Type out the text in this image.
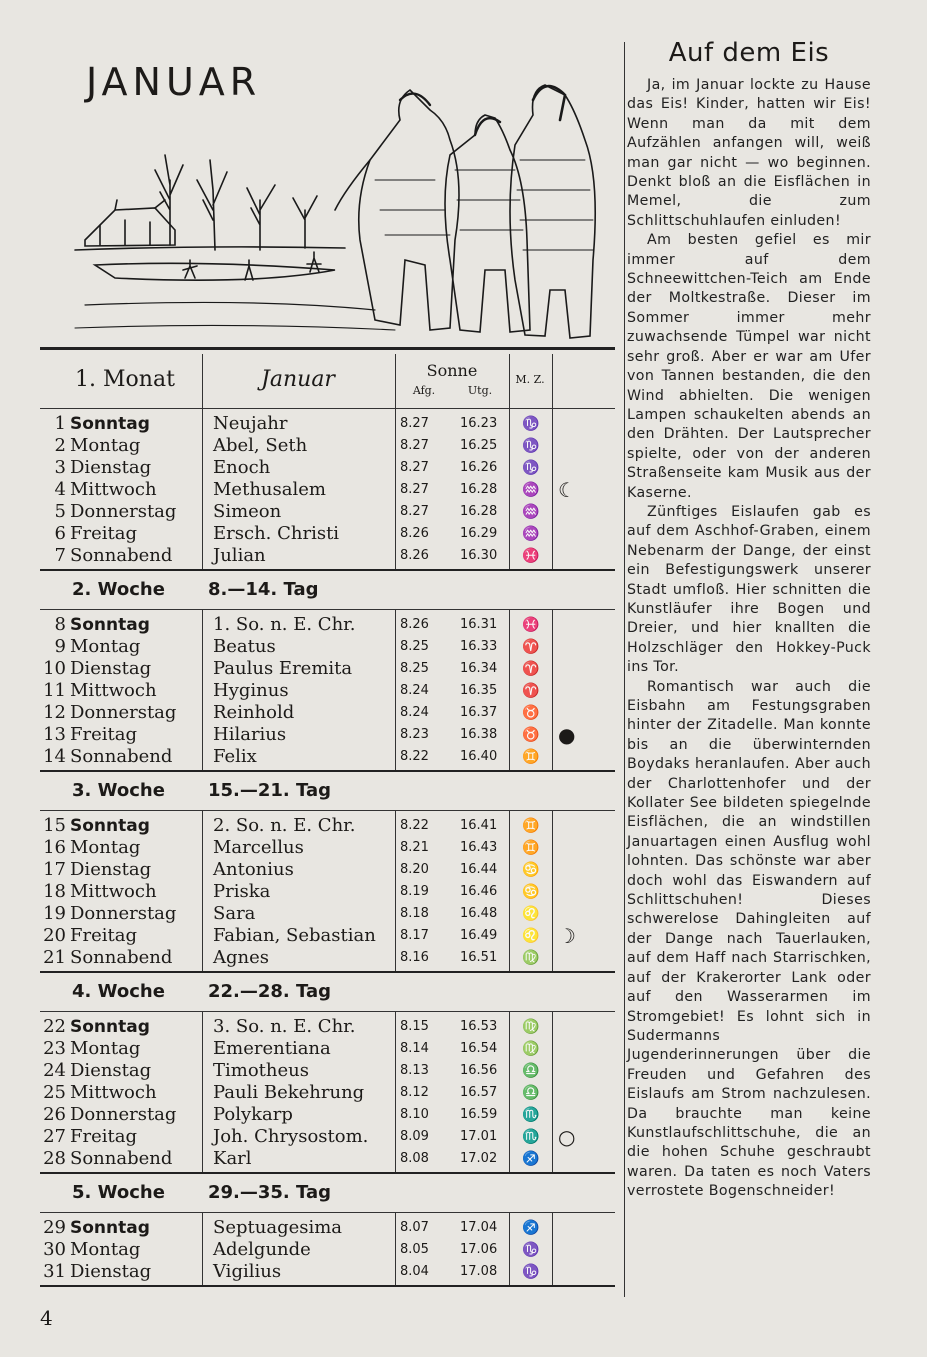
JANUAR
1. Monat	Januar	Sonne
Afg.	Utg.
M. Z.
1 Sonntag	Neujahr	8.27 16.23 ♑
2 Montag	Abel, Seth	8.27 16.25 ♑
3 Dienstag	Enoch	8.27 16.26 ♑
4 Mittwoch	Methusalem	8.27 16.28 ♒ ☾
5 Donnerstag Simeon	8.27 16.28 ♒
6 Freitag	Ersch. Christi	8.26 16.29 ♒
7 Sonnabend Julian	8.26 16.30 ♓
2. Woche 8.—14. Tag
8 Sonntag	1. So. n. E. Chr.	8.26 16.31 ♓
9 Montag	Beatus	8.25 16.33 ♈
10 Dienstag	Paulus Eremita	8.25 16.34 ♈
11 Mittwoch	Hyginus	8.24 16.35 ♈
12 Donnerstag Reinhold	8.24 16.37 ♉
13 Freitag	Hilarius	8.23 16.38 ♉ ●
14 Sonnabend Felix	8.22 16.40 ♊
3. Woche 15.—21. Tag
15 Sonntag	2. So. n. E. Chr.	8.22 16.41 ♊
16 Montag	Marcellus	8.21 16.43 ♊
17 Dienstag	Antonius	8.20 16.44 ♋
18 Mittwoch	Priska	8.19 16.46 ♋
19 Donnerstag Sara	8.18 16.48 ♌
20 Freitag	Fabian, Sebastian 8.17 16.49 ♌ ☽
21 Sonnabend Agnes	8.16 16.51 ♍
4. Woche 22.—28. Tag
22 Sonntag	3. So. n. E. Chr.	8.15 16.53 ♍
23 Montag	Emerentiana	8.14 16.54 ♍
24 Dienstag	Timotheus	8.13 16.56 ♎
25 Mittwoch	Pauli Bekehrung	8.12 16.57 ♎
26 Donnerstag Polykarp	8.10 16.59 ♏
27 Freitag	Joh. Chrysostom. 8.09 17.01 ♏ ○
28 Sonnabend Karl	8.08 17.02 ♐
5. Woche 29.—35. Tag
29 Sonntag	Septuagesima	8.07 17.04 ♐
30 Montag	Adelgunde	8.05 17.06 ♑
31 Dienstag	Vigilius	8.04 17.08 ♑
Auf dem Eis

Ja, im Januar lockte zu Hause das Eis! Kinder, hatten wir Eis! Wenn man da mit dem Aufzählen anfangen will, weiß man gar nicht — wo beginnen. Denkt bloß an die Eisflächen in Memel, die zum Schlittschuhlaufen einluden!

Am besten gefiel es mir immer auf dem Schneewittchen-Teich am Ende der Moltkestraße. Dieser im Sommer immer mehr zuwachsende Tümpel war nicht sehr groß. Aber er war am Ufer von Tannen bestanden, die den Wind abhielten. Die wenigen Lampen schaukelten abends an den Drähten. Der Lautsprecher spielte, oder von der anderen Straßenseite kam Musik aus der Kaserne.

Zünftiges Eislaufen gab es auf dem Aschhof-Graben, einem Nebenarm der Dange, der einst ein Befestigungswerk unserer Stadt umfloß. Hier schnitten die Kunstläufer ihre Bogen und Dreier, und hier knallten die Holzschläger den Hokkey-Puck ins Tor.

Romantisch war auch die Eisbahn am Festungsgraben hinter der Zitadelle. Man konnte bis an die überwinternden Boydaks heranlaufen. Aber auch der Charlottenhofer und der Kollater See bildeten spiegelnde Eisflächen, die an windstillen Januartagen einen Ausflug wohl lohnten. Das schönste war aber doch wohl das Eiswandern auf Schlittschuhen! Dieses schwerelose Dahingleiten auf der Dange nach Tauerlauken, auf dem Haff nach Starrischken, auf der Krakerorter Lank oder auf den Wasserarmen im Stromgebiet! Es lohnt sich in Sudermanns Jugenderinnerungen über die Freuden und Gefahren des Eislaufs am Strom nachzulesen. Da brauchte man keine Kunstlaufschlittschuhe, die an die hohen Schuhe geschraubt waren. Da taten es noch Vaters verrostete Bogenschneider!

4
